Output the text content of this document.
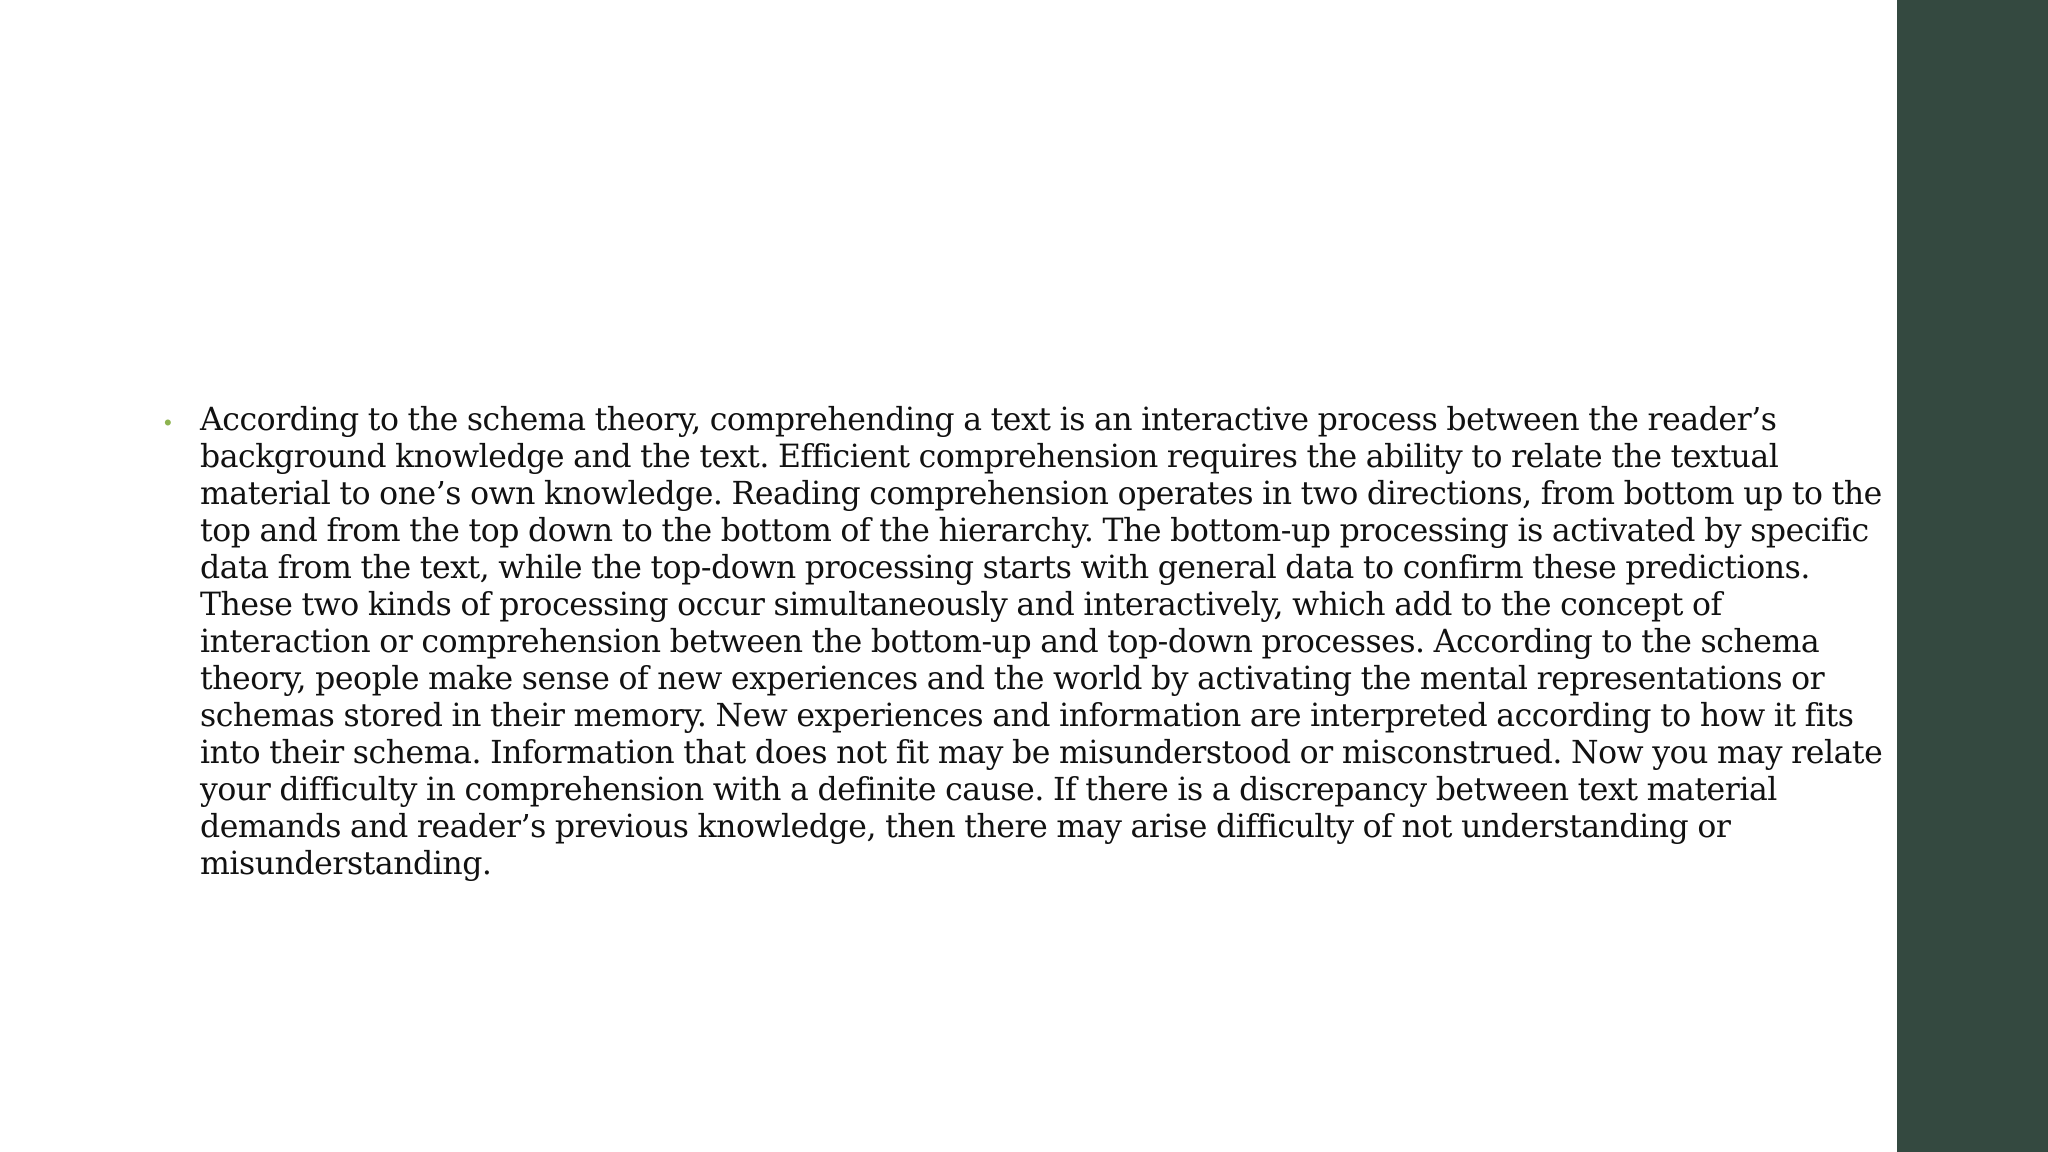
• According to the schema theory, comprehending a text is an interactive process between the reader’s background knowledge and the text. Efficient comprehension requires the ability to relate the textual material to one’s own knowledge. Reading comprehension operates in two directions, from bottom up to the top and from the top down to the bottom of the hierarchy. The bottom-up processing is activated by specific data from the text, while the top-down processing starts with general data to confirm these predictions. These two kinds of processing occur simultaneously and interactively, which add to the concept of interaction or comprehension between the bottom-up and top-down processes. According to the schema theory, people make sense of new experiences and the world by activating the mental representations or schemas stored in their memory. New experiences and information are interpreted according to how it fits into their schema. Information that does not fit may be misunderstood or misconstrued. Now you may relate your difficulty in comprehension with a definite cause. If there is a discrepancy between text material demands and reader’s previous knowledge, then there may arise difficulty of not understanding or misunderstanding.
